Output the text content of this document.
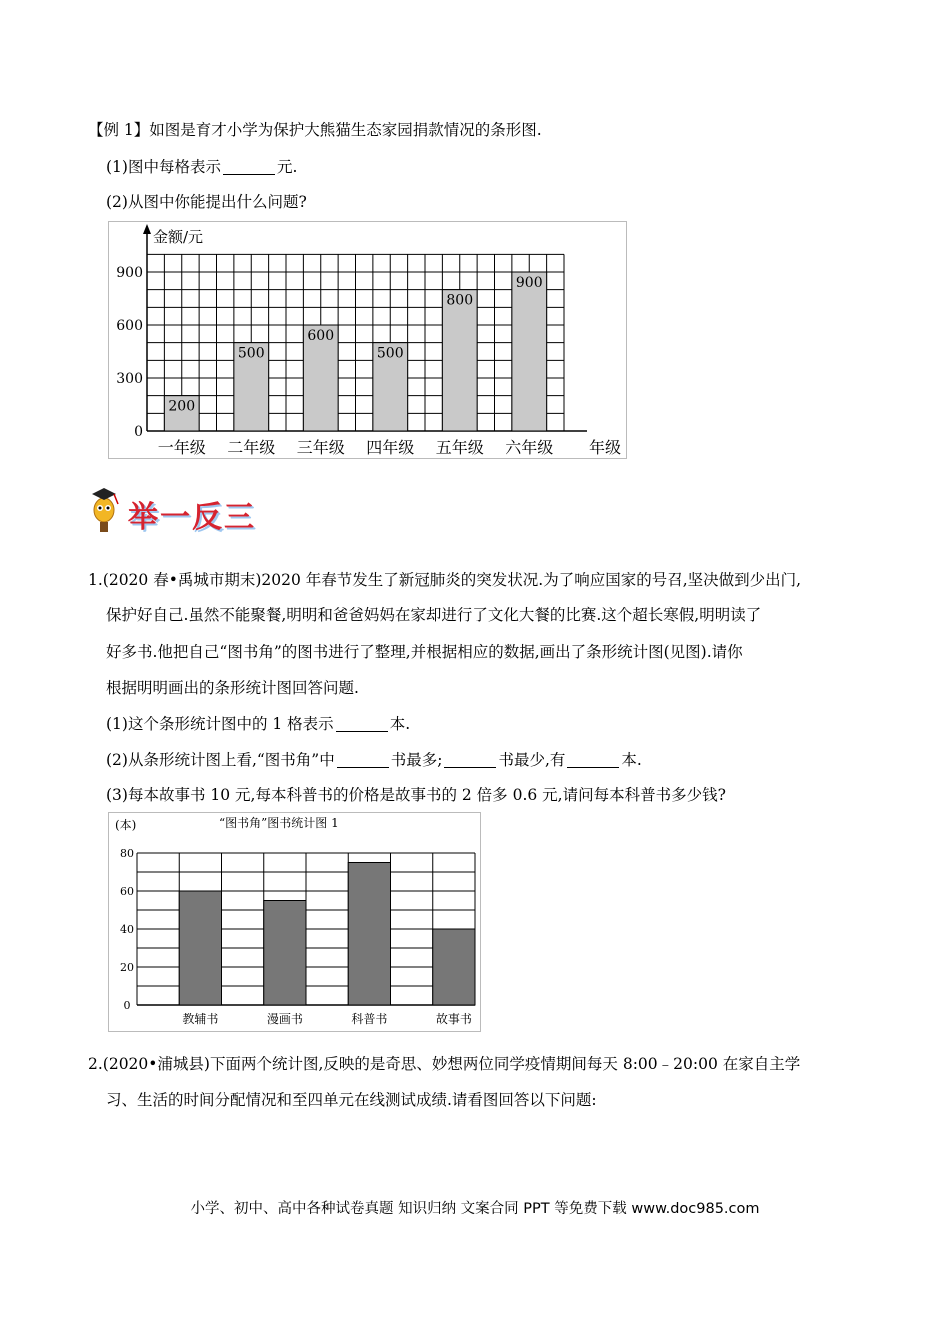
【例 1】如图是育才小学为保护大熊猫生态家园捐款情况的条形图.
(1)图中每格表示	元.
(2)从图中你能提出什么问题?
0
300
600
900
200
一年级
500
二年级
600
三年级
500
四年级
800
五年级
900
六年级 年级
金额/元
举一反三
1.(2020 春•禹城市期末)2020 年春节发生了新冠肺炎的突发状况.为了响应国家的号召,坚决做到少出门,
保护好自己.虽然不能聚餐,明明和爸爸妈妈在家却进行了文化大餐的比赛.这个超长寒假,明明读了
好多书.他把自己“图书角”的图书进行了整理,并根据相应的数据,画出了条形统计图(见图).请你
根据明明画出的条形统计图回答问题.
(1)这个条形统计图中的 1 格表示	本.
(2)从条形统计图上看,“图书角”中	书最多;	书最少,有	本.
(3)每本故事书 10 元,每本科普书的价格是故事书的 2 倍多 0.6 元,请问每本科普书多少钱?
“图书角”图书统计图 1
(本)
0
20
40
60
80
教辅书	漫画书	科普书	故事书
2.(2020•浦城县)下面两个统计图,反映的是奇思、妙想两位同学疫情期间每天 8:00﹣20:00 在家自主学
习、生活的时间分配情况和至四单元在线测试成绩.请看图回答以下问题:
小学、初中、高中各种试卷真题 知识归纳 文案合同 PPT 等免费下载 www.doc985.com
